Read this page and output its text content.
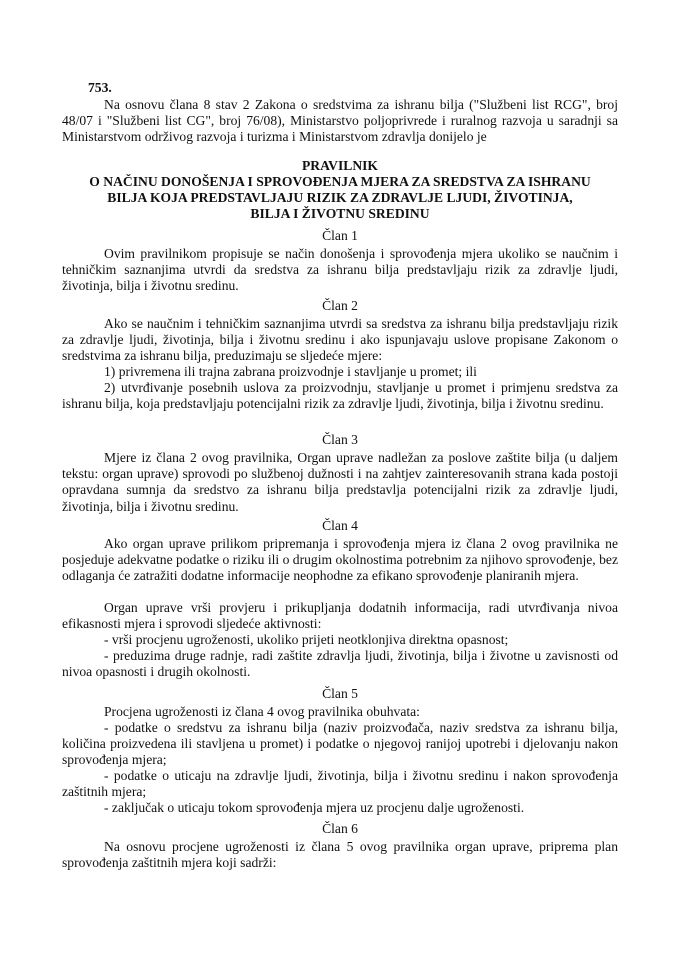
753.

Na osnovu člana 8 stav 2 Zakona o sredstvima za ishranu bilja ("Službeni list RCG", broj 48/07 i "Službeni list CG", broj 76/08), Ministarstvo poljoprivrede i ruralnog razvoja u saradnji sa Ministarstvom održivog razvoja i turizma i Ministarstvom zdravlja donijelo je

PRAVILNIK
O NAČINU DONOŠENJA I SPROVOĐENJA MJERA ZA SREDSTVA ZA ISHRANU
BILJA KOJA PREDSTAVLJAJU RIZIK ZA ZDRAVLJE LJUDI, ŽIVOTINJA,
BILJA I ŽIVOTNU SREDINU

Član 1

Ovim pravilnikom propisuje se način donošenja i sprovođenja mjera ukoliko se naučnim i tehničkim saznanjima utvrdi da sredstva za ishranu bilja predstavljaju rizik za zdravlje ljudi, životinja, bilja i životnu sredinu.

Član 2

Ako se naučnim i tehničkim saznanjima utvrdi sa sredstva za ishranu bilja predstavljaju rizik za zdravlje ljudi, životinja, bilja i životnu sredinu i ako ispunjavaju uslove propisane Zakonom o sredstvima za ishranu bilja, preduzimaju se sljedeće mjere:

1) privremena ili trajna zabrana proizvodnje i stavljanje u promet; ili

2) utvrđivanje posebnih uslova za proizvodnju, stavljanje u promet i primjenu sredstva za ishranu bilja, koja predstavljaju potencijalni rizik za zdravlje ljudi, životinja, bilja i životnu sredinu.

Član 3

Mjere iz člana 2 ovog pravilnika, Organ uprave nadležan za poslove zaštite bilja (u daljem tekstu: organ uprave) sprovodi po službenoj dužnosti i na zahtjev zainteresovanih strana kada postoji opravdana sumnja da sredstvo za ishranu bilja predstavlja potencijalni rizik za zdravlje ljudi, životinja, bilja i životnu sredinu.

Član 4

Ako organ uprave prilikom pripremanja i sprovođenja mjera iz člana 2 ovog pravilnika ne posjeduje adekvatne podatke o riziku ili o drugim okolnostima potrebnim za njihovo sprovođenje, bez odlaganja će zatražiti dodatne informacije neophodne za efikano sprovođenje planiranih mjera.

Organ uprave vrši provjeru i prikupljanja dodatnih informacija, radi utvrđivanja nivoa efikasnosti mjera i sprovodi sljedeće aktivnosti:

- vrši procjenu ugroženosti, ukoliko prijeti neotklonjiva direktna opasnost;

- preduzima druge radnje, radi zaštite zdravlja ljudi, životinja, bilja i životne u zavisnosti od nivoa opasnosti i drugih okolnosti.

Član 5

Procjena ugroženosti iz člana 4 ovog pravilnika obuhvata:

- podatke o sredstvu za ishranu bilja (naziv proizvođača, naziv sredstva za ishranu bilja, količina proizvedena ili stavljena u promet) i podatke o njegovoj ranijoj upotrebi i djelovanju nakon sprovođenja mjera;

- podatke o uticaju na zdravlje ljudi, životinja, bilja i životnu sredinu i nakon sprovođenja zaštitnih mjera;

- zaključak o uticaju tokom sprovođenja mjera uz procjenu dalje ugroženosti.

Član 6

Na osnovu procjene ugroženosti iz člana 5 ovog pravilnika organ uprave, priprema plan sprovođenja zaštitnih mjera koji sadrži:
